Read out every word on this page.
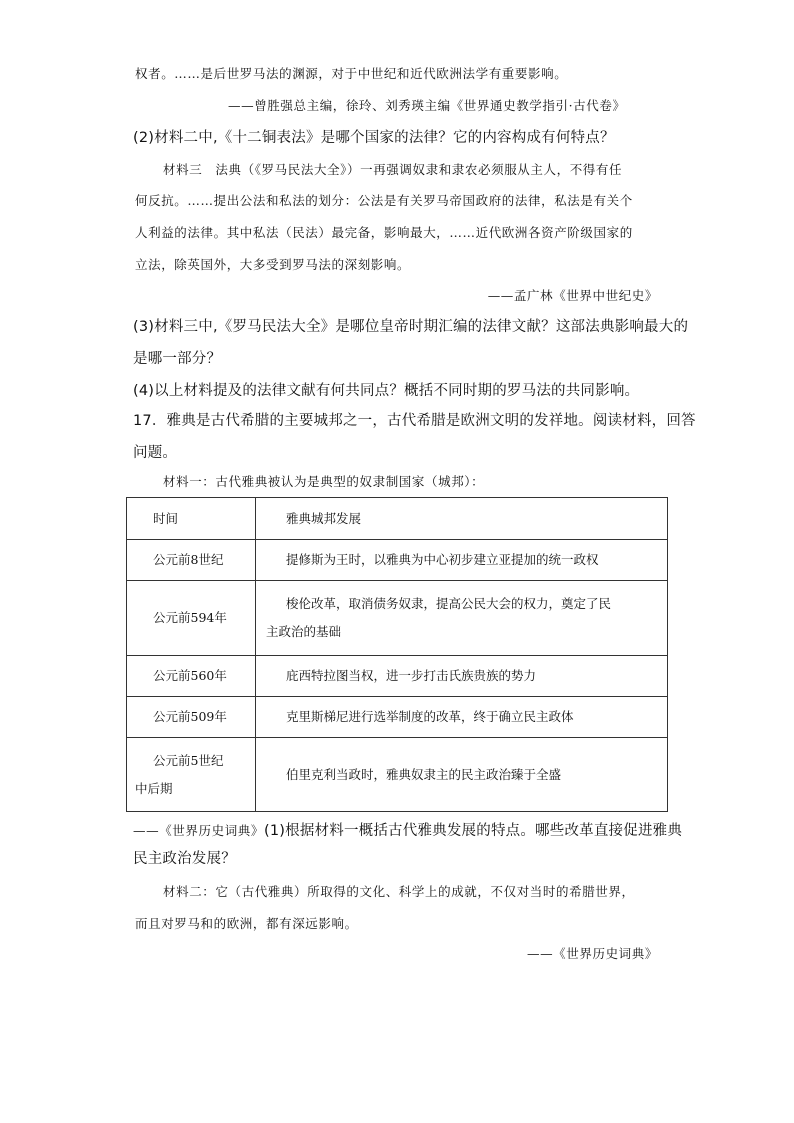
权者。……是后世罗马法的渊源，对于中世纪和近代欧洲法学有重要影响。
——曾胜强总主编，徐玲、刘秀瑛主编《世界通史教学指引·古代卷》
(2)材料二中,《十二铜表法》是哪个国家的法律？它的内容构成有何特点？
材料三　法典（《罗马民法大全》）一再强调奴隶和隶农必须服从主人，不得有任
何反抗。……提出公法和私法的划分：公法是有关罗马帝国政府的法律，私法是有关个
人利益的法律。其中私法（民法）最完备，影响最大，……近代欧洲各资产阶级国家的
立法，除英国外，大多受到罗马法的深刻影响。
——孟广林《世界中世纪史》
(3)材料三中,《罗马民法大全》是哪位皇帝时期汇编的法律文献？这部法典影响最大的
是哪一部分？
(4)以上材料提及的法律文献有何共同点？概括不同时期的罗马法的共同影响。
17．雅典是古代希腊的主要城邦之一，古代希腊是欧洲文明的发祥地。阅读材料，回答
问题。
材料一：古代雅典被认为是典型的奴隶制国家（城邦）：
时间	雅典城邦发展

公元前8世纪	提修斯为王时，以雅典为中心初步建立亚提加的统一政权

公元前594年	梭伦改革，取消债务奴隶，提高公民大会的权力，奠定了民
主政治的基础

公元前560年	庇西特拉图当权，进一步打击氏族贵族的势力

公元前509年	克里斯梯尼进行选举制度的改革，终于确立民主政体

公元前5世纪
中后期	伯里克利当政时，雅典奴隶主的民主政治臻于全盛
——《世界历史词典》(1)根据材料一概括古代雅典发展的特点。哪些改革直接促进雅典
民主政治发展？
材料二：它（古代雅典）所取得的文化、科学上的成就，不仅对当时的希腊世界，
而且对罗马和的欧洲，都有深远影响。
——《世界历史词典》
